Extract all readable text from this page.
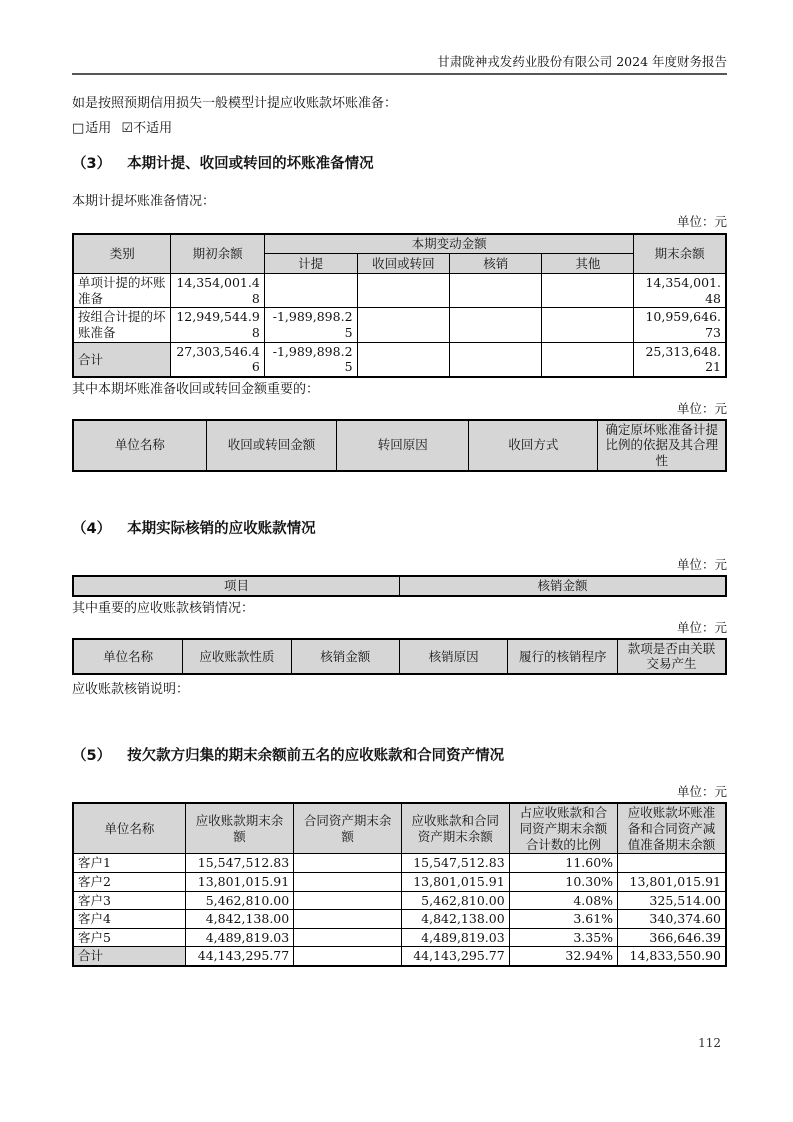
甘肃陇神戎发药业股份有限公司 2024 年度财务报告

如是按照预期信用损失一般模型计提应收账款坏账准备：

□适用 ☑不适用

（3） 本期计提、收回或转回的坏账准备情况

本期计提坏账准备情况：

单位：元
类别	期初余额	本期变动金额				期末余额
		计提	收回或转回	核销	其他	
单项计提的坏账准备	14,354,001.48					14,354,001.48
按组合计提的坏账准备	12,949,544.98	-1,989,898.25				10,959,646.73
合计	27,303,546.46	-1,989,898.25				25,313,648.21

其中本期坏账准备收回或转回金额重要的：

单位：元
单位名称	收回或转回金额	转回原因	收回方式	确定原坏账准备计提比例的依据及其合理性
（4） 本期实际核销的应收账款情况
单位：元
项目	核销金额

其中重要的应收账款核销情况：

单位：元
单位名称	应收账款性质	核销金额	核销原因	履行的核销程序	款项是否由关联交易产生

应收账款核销说明：

（5） 按欠款方归集的期末余额前五名的应收账款和合同资产情况
单位：元
单位名称	应收账款期末余额	合同资产期末余额	应收账款和合同资产期末余额	占应收账款和合同资产期末余额合计数的比例	应收账款坏账准备和合同资产减值准备期末余额
客户1	15,547,512.83		15,547,512.83	11.60%	
客户2	13,801,015.91		13,801,015.91	10.30%	13,801,015.91
客户3	5,462,810.00		5,462,810.00	4.08%	325,514.00
客户4	4,842,138.00		4,842,138.00	3.61%	340,374.60
客户5	4,489,819.03		4,489,819.03	3.35%	366,646.39
合计	44,143,295.77		44,143,295.77	32.94%	14,833,550.90
112
